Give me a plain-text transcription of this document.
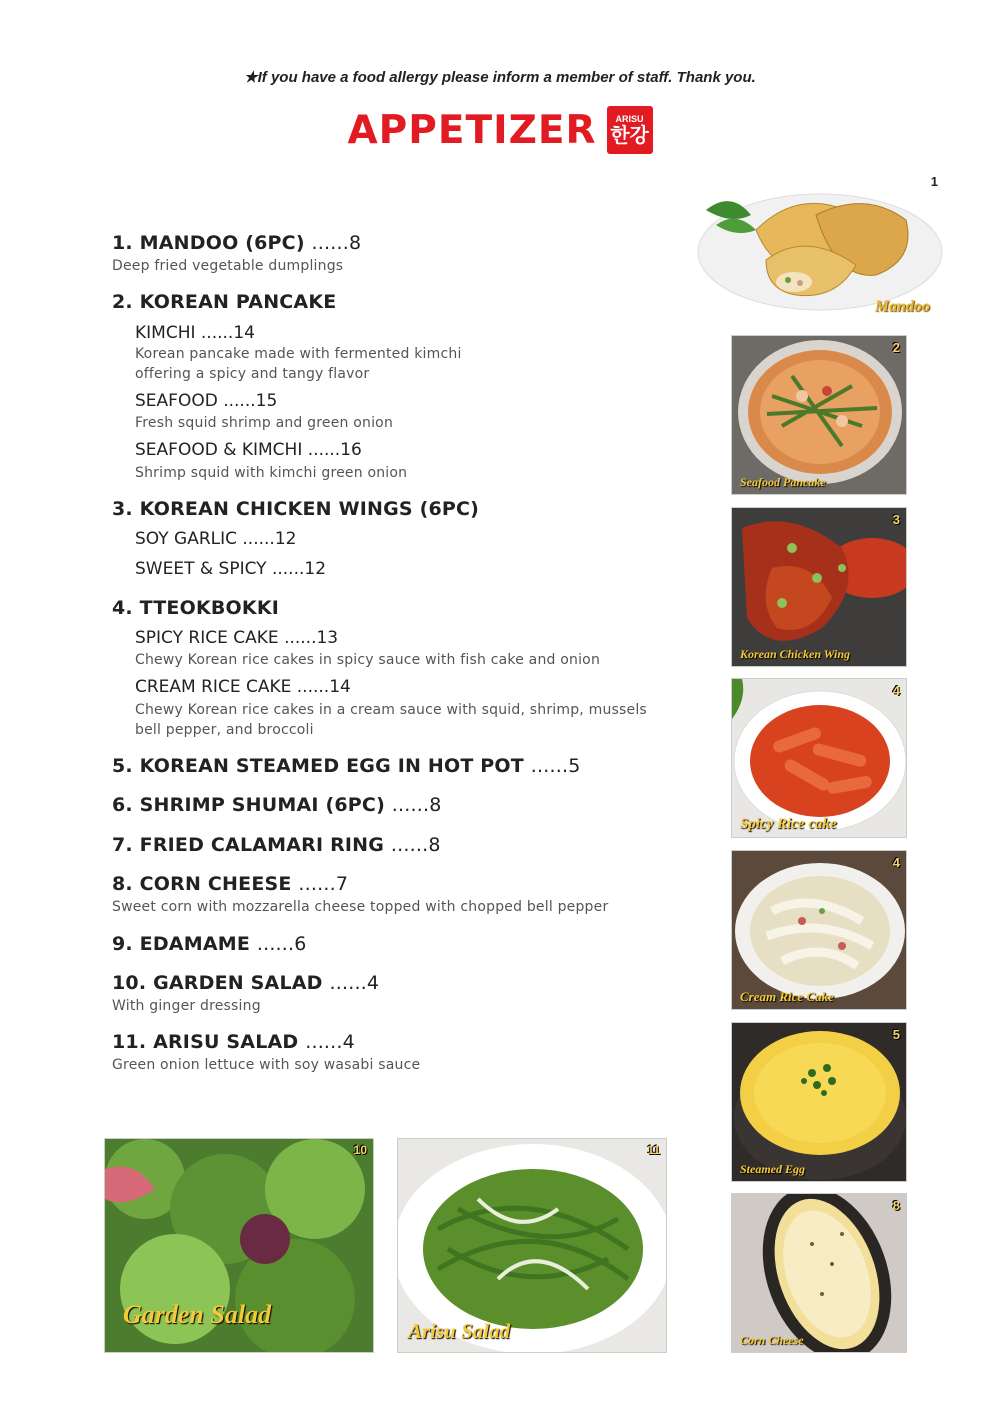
★If you have a food allergy please inform a member of staff. Thank you.
APPETIZER ARISU
한강
1. MANDOO (6PC) ......8
Deep fried vegetable dumplings
2. KOREAN PANCAKE
KIMCHI ......14
Korean pancake made with fermented kimchi
offering a spicy and tangy flavor
SEAFOOD ......15
Fresh squid shrimp and green onion
SEAFOOD & KIMCHI ......16
Shrimp squid with kimchi green onion
3. KOREAN CHICKEN WINGS (6PC)
SOY GARLIC ......12
SWEET & SPICY ......12
4. TTEOKBOKKI
SPICY RICE CAKE ......13
Chewy Korean rice cakes in spicy sauce with fish cake and onion
CREAM RICE CAKE ......14
Chewy Korean rice cakes in a cream sauce with squid, shrimp, mussels
bell pepper, and broccoli
5. KOREAN STEAMED EGG IN HOT POT ......5
6. SHRIMP SHUMAI (6PC) ......8
7. FRIED CALAMARI RING ......8
8. CORN CHEESE ......7
Sweet corn with mozzarella cheese topped with chopped bell pepper
9. EDAMAME ......6
10. GARDEN SALAD ......4
With ginger dressing
11. ARISU SALAD ......4
Green onion lettuce with soy wasabi sauce
1
Mandoo
2
Seafood Pancake
3
Korean Chicken Wing
4
Spicy Rice cake
4
Cream Rice Cake
5
Steamed Egg
8
Corn Cheese
10
Garden Salad
11
Arisu Salad
